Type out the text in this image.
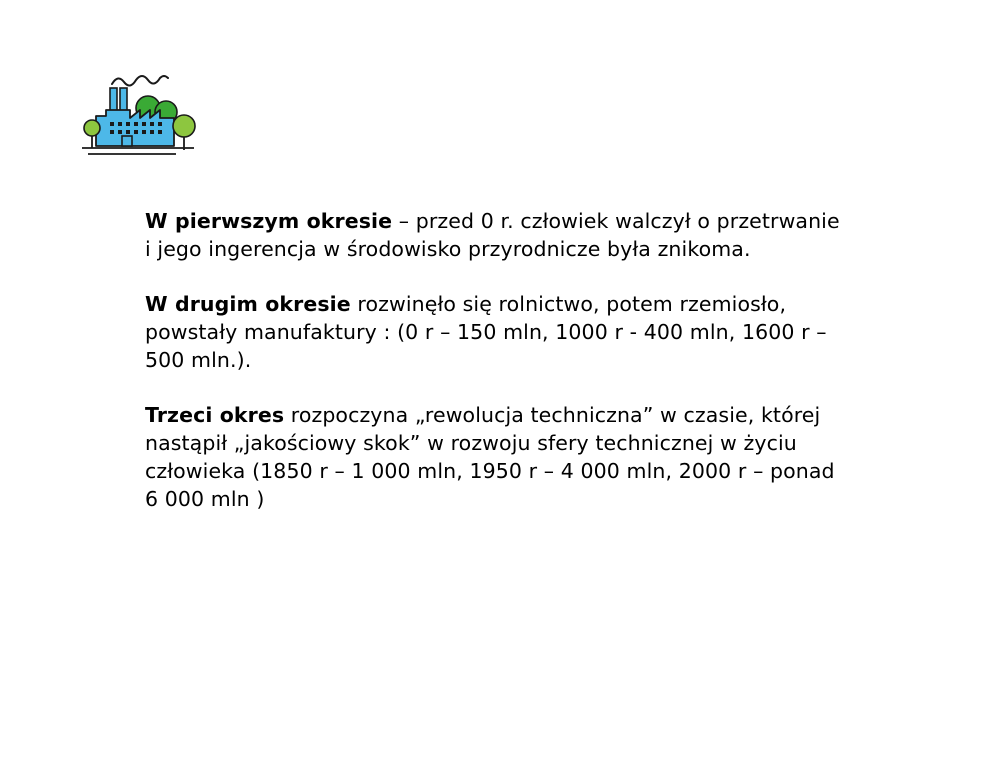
W pierwszym okresie – przed 0 r. człowiek walczył o przetrwanie i jego ingerencja w środowisko przyrodnicze była znikoma.

W drugim okresie rozwinęło się rolnictwo, potem rzemiosło, powstały manufaktury : (0 r – 150 mln, 1000 r - 400 mln, 1600 r – 500 mln.).

Trzeci okres rozpoczyna „rewolucja techniczna” w czasie, której nastąpił „jakościowy skok” w rozwoju sfery technicznej w życiu człowieka (1850 r – 1 000 mln, 1950 r – 4 000 mln, 2000 r – ponad 6 000 mln )
